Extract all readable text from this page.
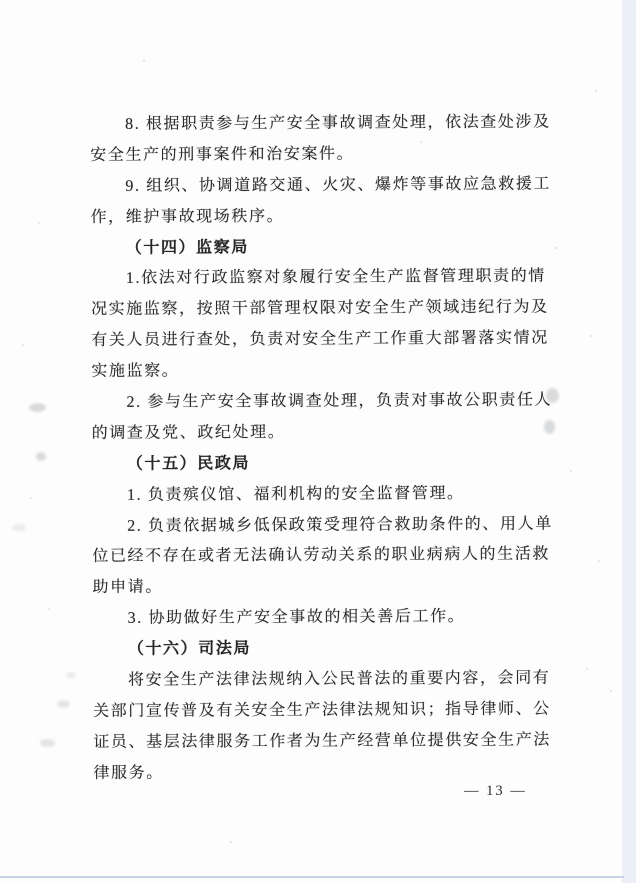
8. 根据职责参与生产安全事故调查处理，依法查处涉及
安全生产的刑事案件和治安案件。
9. 组织、协调道路交通、火灾、爆炸等事故应急救援工
作，维护事故现场秩序。
（十四）监察局
1.依法对行政监察对象履行安全生产监督管理职责的情
况实施监察，按照干部管理权限对安全生产领域违纪行为及
有关人员进行查处，负责对安全生产工作重大部署落实情况
实施监察。
2. 参与生产安全事故调查处理，负责对事故公职责任人
的调查及党、政纪处理。
（十五）民政局
1. 负责殡仪馆、福利机构的安全监督管理。
2. 负责依据城乡低保政策受理符合救助条件的、用人单
位已经不存在或者无法确认劳动关系的职业病病人的生活救
助申请。
3. 协助做好生产安全事故的相关善后工作。
（十六）司法局
将安全生产法律法规纳入公民普法的重要内容，会同有
关部门宣传普及有关安全生产法律法规知识；指导律师、公
证员、基层法律服务工作者为生产经营单位提供安全生产法
律服务。
— 13 —
